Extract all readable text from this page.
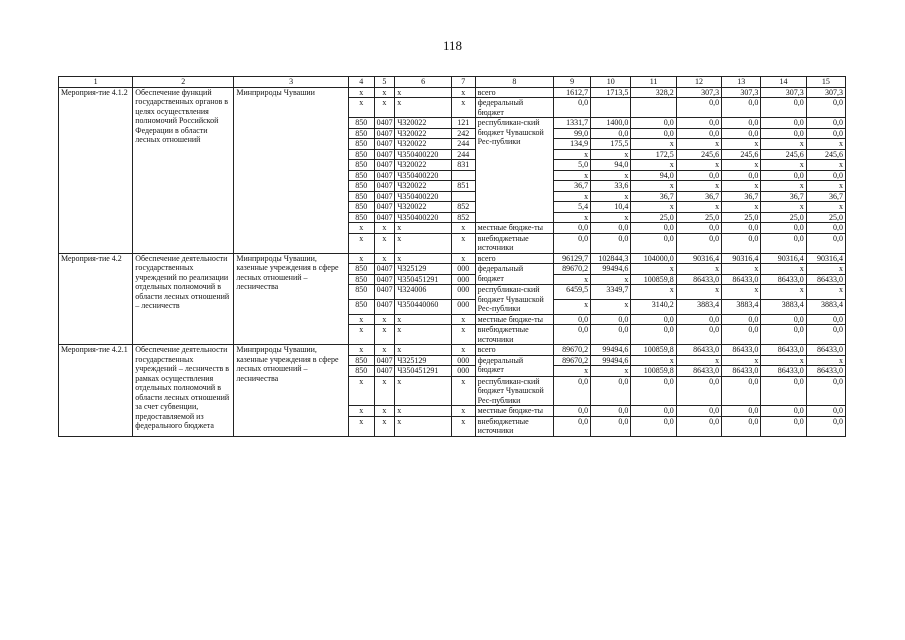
118
1	2	3	4	5	6	7	8	9	10	11	12	13	14	15
Мероприя-тие 4.1.2	Обеспечение функций государственных органов в целях осуществления полномочий Российской Федерации в области лесных отношений	Минприроды Чувашии	x	x	x	x	всего	1612,7	1713,5	328,2	307,3	307,3	307,3	307,3
			x	x	x	x	федеральный бюджет	0,0			0,0	0,0	0,0	0,0
			850	0407	Ч320022	121	республикан-ский бюджет Чувашской Рес-публики	1331,7	1400,0	0,0	0,0	0,0	0,0	0,0
			850	0407	Ч320022	242		99,0	0,0	0,0	0,0	0,0	0,0	0,0
			850	0407	Ч320022	244		134,9	175,5	x	x	x	x	x
			850	0407	Ч350400220	244		x	x	172,5	245,6	245,6	245,6	245,6
			850	0407	Ч320022	831		5,0	94,0	x	x	x	x	x
			850	0407	Ч350400220			x	x	94,0	0,0	0,0	0,0	0,0
			850	0407	Ч320022	851		36,7	33,6	x	x	x	x	x
			850	0407	Ч350400220			x	x	36,7	36,7	36,7	36,7	36,7
			850	0407	Ч320022	852		5,4	10,4	x	x	x	x	x
			850	0407	Ч350400220	852		x	x	25,0	25,0	25,0	25,0	25,0
			x	x	x	x	местные бюдже-ты	0,0	0,0	0,0	0,0	0,0	0,0	0,0
			x	x	x	x	внебюджетные источники	0,0	0,0	0,0	0,0	0,0	0,0	0,0
Мероприя-тие 4.2	Обеспечение деятельности государственных учреждений по реализации отдельных полномочий в области лесных отношений – лесничеств	Минприроды Чувашии, казенные учреждения в сфере лесных отношений – лесничества	x	x	x	x	всего	96129,7	102844,3	104000,0	90316,4	90316,4	90316,4	90316,4
			850	0407	Ч325129	000	федеральный бюджет	89670,2	99494,6	x	x	x	x	x
			850	0407	Ч350451291	000		x	x	100859,8	86433,0	86433,0	86433,0	86433,0
			850	0407	Ч324006	000	республикан-ский бюджет Чувашской Рес-публики	6459,5	3349,7	x	x	x	x	x
			850	0407	Ч350440060	000		x	x	3140,2	3883,4	3883,4	3883,4	3883,4
			x	x	x	x	местные бюдже-ты	0,0	0,0	0,0	0,0	0,0	0,0	0,0
			x	x	x	x	внебюджетные источники	0,0	0,0	0,0	0,0	0,0	0,0	0,0
Мероприя-тие 4.2.1	Обеспечение деятельности государственных учреждений – лесничеств в рамках осуществления отдельных полномочий в области лесных отношений за счет субвенции, предоставляемой из федерального бюджета	Минприроды Чувашии, казенные учреждения в сфере лесных отношений – лесничества	x	x	x	x	всего	89670,2	99494,6	100859,8	86433,0	86433,0	86433,0	86433,0
			850	0407	Ч325129	000	федеральный бюджет	89670,2	99494,6	x	x	x	x	x
			850	0407	Ч350451291	000		x	x	100859,8	86433,0	86433,0	86433,0	86433,0
			x	x	x	x	республикан-ский бюджет Чувашской Рес-публики	0,0	0,0	0,0	0,0	0,0	0,0	0,0
			x	x	x	x	местные бюдже-ты	0,0	0,0	0,0	0,0	0,0	0,0	0,0
			x	x	x	x	внебюджетные источники	0,0	0,0	0,0	0,0	0,0	0,0	0,0
